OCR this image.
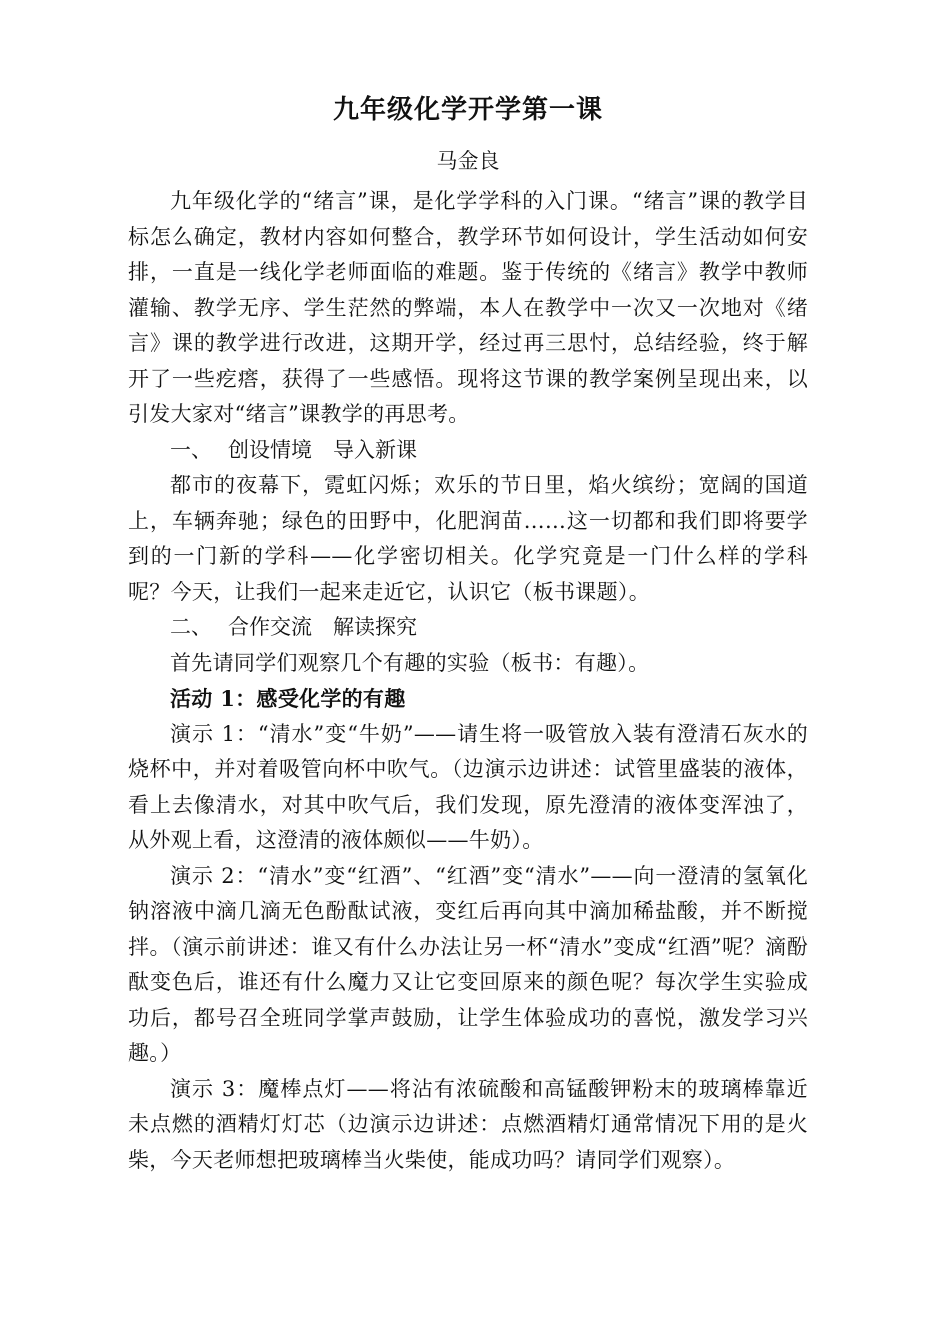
九年级化学开学第一课
马金良

九年级化学的“绪言”课，是化学学科的入门课。“绪言”课的教学目标怎么确定，教材内容如何整合，教学环节如何设计，学生活动如何安排，一直是一线化学老师面临的难题。鉴于传统的《绪言》教学中教师灌输、教学无序、学生茫然的弊端，本人在教学中一次又一次地对《绪言》课的教学进行改进，这期开学，经过再三思忖，总结经验，终于解开了一些疙瘩，获得了一些感悟。现将这节课的教学案例呈现出来，以引发大家对“绪言”课教学的再思考。

一、 创设情境 导入新课

都市的夜幕下，霓虹闪烁；欢乐的节日里，焰火缤纷；宽阔的国道上，车辆奔驰；绿色的田野中，化肥润苗……这一切都和我们即将要学到的一门新的学科——化学密切相关。化学究竟是一门什么样的学科呢？今天，让我们一起来走近它，认识它（板书课题）。

二、 合作交流 解读探究

首先请同学们观察几个有趣的实验（板书：有趣）。

活动 1：感受化学的有趣

演示 1：“清水”变“牛奶”——请生将一吸管放入装有澄清石灰水的烧杯中，并对着吸管向杯中吹气。（边演示边讲述：试管里盛装的液体，看上去像清水，对其中吹气后，我们发现，原先澄清的液体变浑浊了，从外观上看，这澄清的液体颇似——牛奶）。

演示 2：“清水”变“红酒”、“红酒”变“清水”——向一澄清的氢氧化钠溶液中滴几滴无色酚酞试液，变红后再向其中滴加稀盐酸，并不断搅拌。（演示前讲述：谁又有什么办法让另一杯“清水”变成“红酒”呢？滴酚酞变色后，谁还有什么魔力又让它变回原来的颜色呢？每次学生实验成功后，都号召全班同学掌声鼓励，让学生体验成功的喜悦，激发学习兴趣。）

演示 3：魔棒点灯——将沾有浓硫酸和高锰酸钾粉末的玻璃棒靠近未点燃的酒精灯灯芯（边演示边讲述：点燃酒精灯通常情况下用的是火柴，今天老师想把玻璃棒当火柴使，能成功吗？请同学们观察）。
